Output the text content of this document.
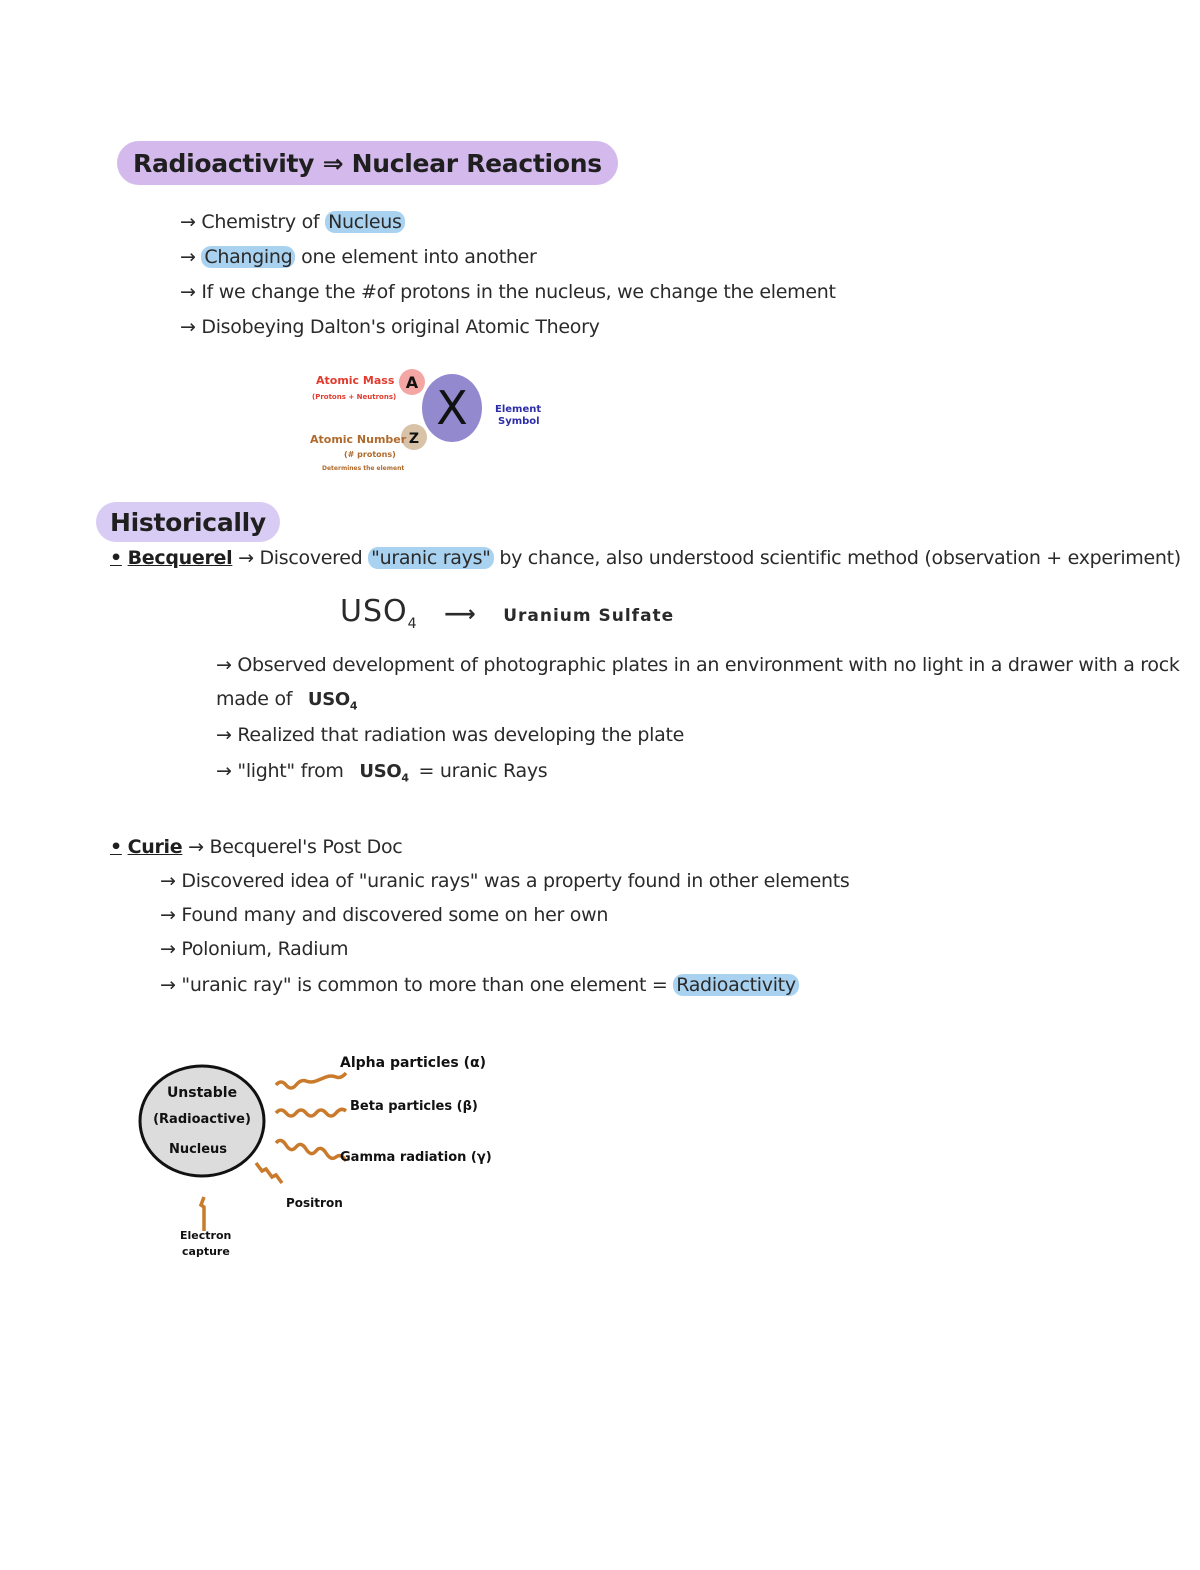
Radioactivity ⇒ Nuclear Reactions
→ Chemistry of Nucleus
→ Changing one element into another
→ If we change the #of protons in the nucleus, we change the element
→ Disobeying Dalton's original Atomic Theory
X
A
Z
Atomic Mass
(Protons + Neutrons)
Atomic Number
(# protons)
Determines the element
Element
Symbol
Historically
• Becquerel → Discovered "uranic rays" by chance, also understood scientific method (observation + experiment)
$USO_4$ ⟶ Uranium Sulfate
→ Observed development of photographic plates in an environment with no light in a drawer with a rock
made of $USO_4$
→ Realized that radiation was developing the plate
→ "light" from $USO_4$ = uranic Rays
• Curie → Becquerel's Post Doc
→ Discovered idea of "uranic rays" was a property found in other elements
→ Found many and discovered some on her own
→ Polonium, Radium
→ "uranic ray" is common to more than one element = Radioactivity
Unstable
(Radioactive)
Nucleus
Alpha particles (α)
Beta particles (β)
Gamma radiation (γ)
Positron
Electron
capture
